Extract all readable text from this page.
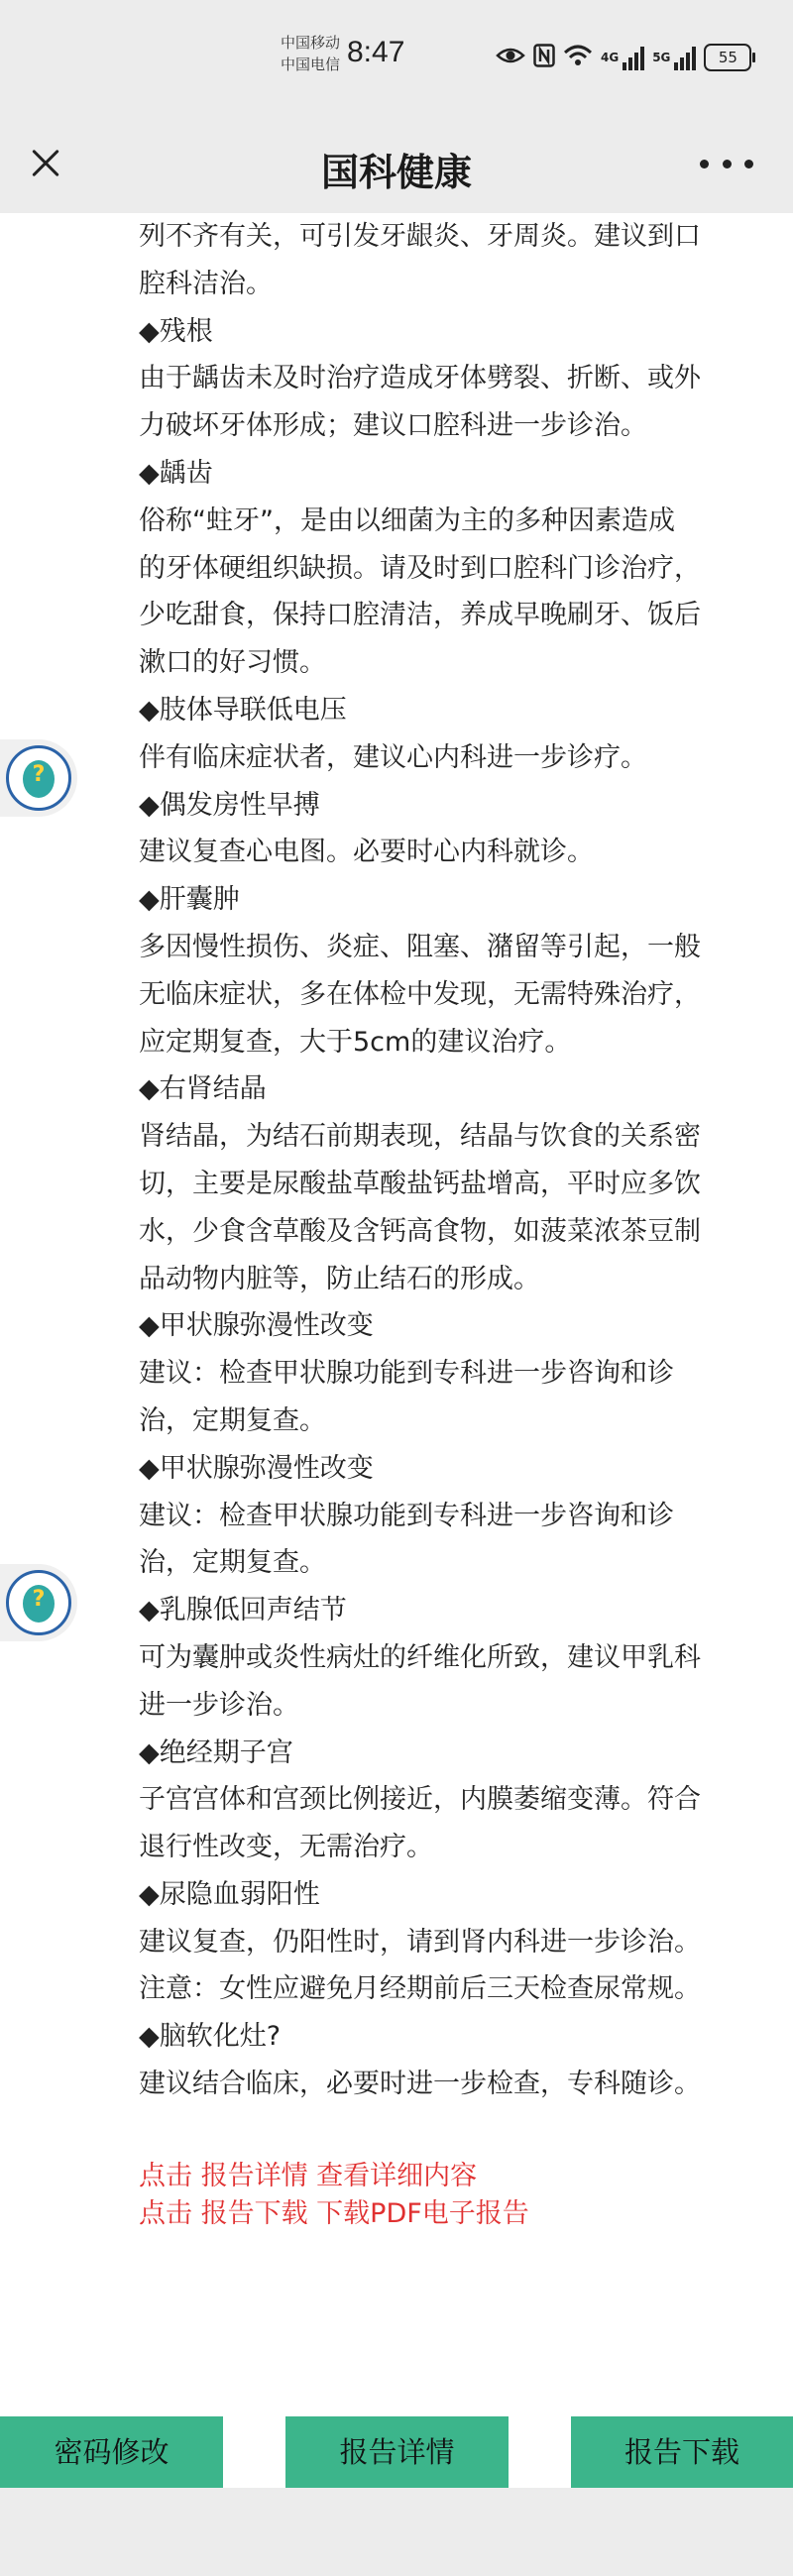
中国移动
中国电信 8:47	4G	5G	55
国科健康
列不齐有关，可引发牙龈炎、牙周炎。建议到口
腔科洁治。
◆残根
由于龋齿未及时治疗造成牙体劈裂、折断、或外
力破坏牙体形成；建议口腔科进一步诊治。
◆龋齿
俗称“蛀牙”，是由以细菌为主的多种因素造成
的牙体硬组织缺损。请及时到口腔科门诊治疗，
少吃甜食，保持口腔清洁，养成早晚刷牙、饭后
漱口的好习惯。
◆肢体导联低电压
伴有临床症状者，建议心内科进一步诊疗。
◆偶发房性早搏
建议复查心电图。必要时心内科就诊。
◆肝囊肿
多因慢性损伤、炎症、阻塞、潴留等引起，一般
无临床症状，多在体检中发现，无需特殊治疗，
应定期复查，大于5cm的建议治疗。
◆右肾结晶
肾结晶，为结石前期表现，结晶与饮食的关系密
切，主要是尿酸盐草酸盐钙盐增高，平时应多饮
水，少食含草酸及含钙高食物，如菠菜浓茶豆制
品动物内脏等，防止结石的形成。
◆甲状腺弥漫性改变
建议：检查甲状腺功能到专科进一步咨询和诊
治，定期复查。
◆甲状腺弥漫性改变
建议：检查甲状腺功能到专科进一步咨询和诊
治，定期复查。
◆乳腺低回声结节
可为囊肿或炎性病灶的纤维化所致，建议甲乳科
进一步诊治。
◆绝经期子宫
子宫宫体和宫颈比例接近，内膜萎缩变薄。符合
退行性改变，无需治疗。
◆尿隐血弱阳性
建议复查，仍阳性时，请到肾内科进一步诊治。
注意：女性应避免月经期前后三天检查尿常规。
◆脑软化灶?
建议结合临床，必要时进一步检查，专科随诊。
点击 报告详情 查看详细内容
点击 报告下载 下载PDF电子报告
?
?
密码修改	报告详情	报告下载
